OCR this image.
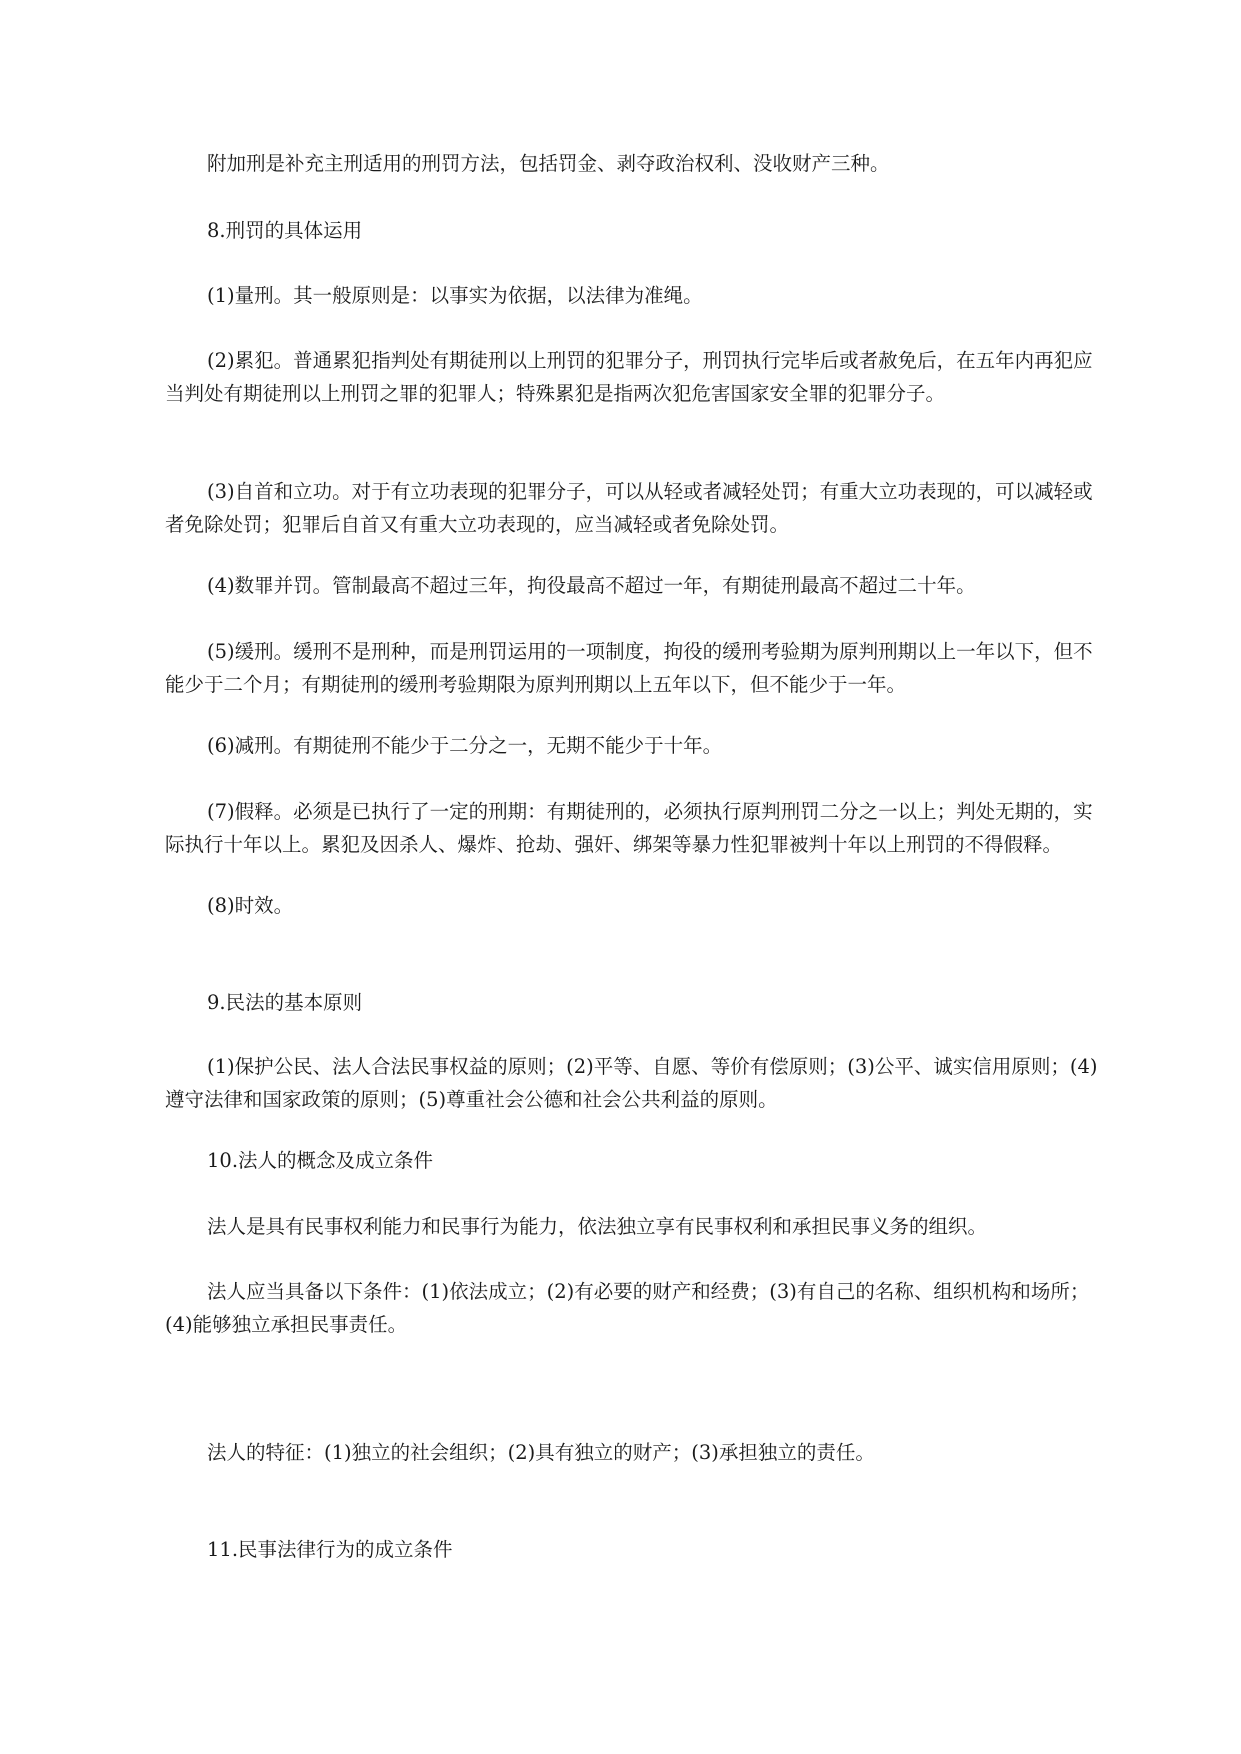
附加刑是补充主刑适用的刑罚方法，包括罚金、剥夺政治权利、没收财产三种。

8.刑罚的具体运用

(1)量刑。其一般原则是：以事实为依据，以法律为准绳。

(2)累犯。普通累犯指判处有期徒刑以上刑罚的犯罪分子，刑罚执行完毕后或者赦免后，在五年内再犯应当判处有期徒刑以上刑罚之罪的犯罪人；特殊累犯是指两次犯危害国家安全罪的犯罪分子。

(3)自首和立功。对于有立功表现的犯罪分子，可以从轻或者减轻处罚；有重大立功表现的，可以减轻或者免除处罚；犯罪后自首又有重大立功表现的，应当减轻或者免除处罚。

(4)数罪并罚。管制最高不超过三年，拘役最高不超过一年，有期徒刑最高不超过二十年。

(5)缓刑。缓刑不是刑种，而是刑罚运用的一项制度，拘役的缓刑考验期为原判刑期以上一年以下，但不能少于二个月；有期徒刑的缓刑考验期限为原判刑期以上五年以下，但不能少于一年。

(6)减刑。有期徒刑不能少于二分之一，无期不能少于十年。

(7)假释。必须是已执行了一定的刑期：有期徒刑的，必须执行原判刑罚二分之一以上；判处无期的，实际执行十年以上。累犯及因杀人、爆炸、抢劫、强奸、绑架等暴力性犯罪被判十年以上刑罚的不得假释。

(8)时效。

9.民法的基本原则

(1)保护公民、法人合法民事权益的原则；(2)平等、自愿、等价有偿原则；(3)公平、诚实信用原则；(4)遵守法律和国家政策的原则；(5)尊重社会公德和社会公共利益的原则。

10.法人的概念及成立条件

法人是具有民事权利能力和民事行为能力，依法独立享有民事权利和承担民事义务的组织。

法人应当具备以下条件：(1)依法成立；(2)有必要的财产和经费；(3)有自己的名称、组织机构和场所；(4)能够独立承担民事责任。

法人的特征：(1)独立的社会组织；(2)具有独立的财产；(3)承担独立的责任。

11.民事法律行为的成立条件
